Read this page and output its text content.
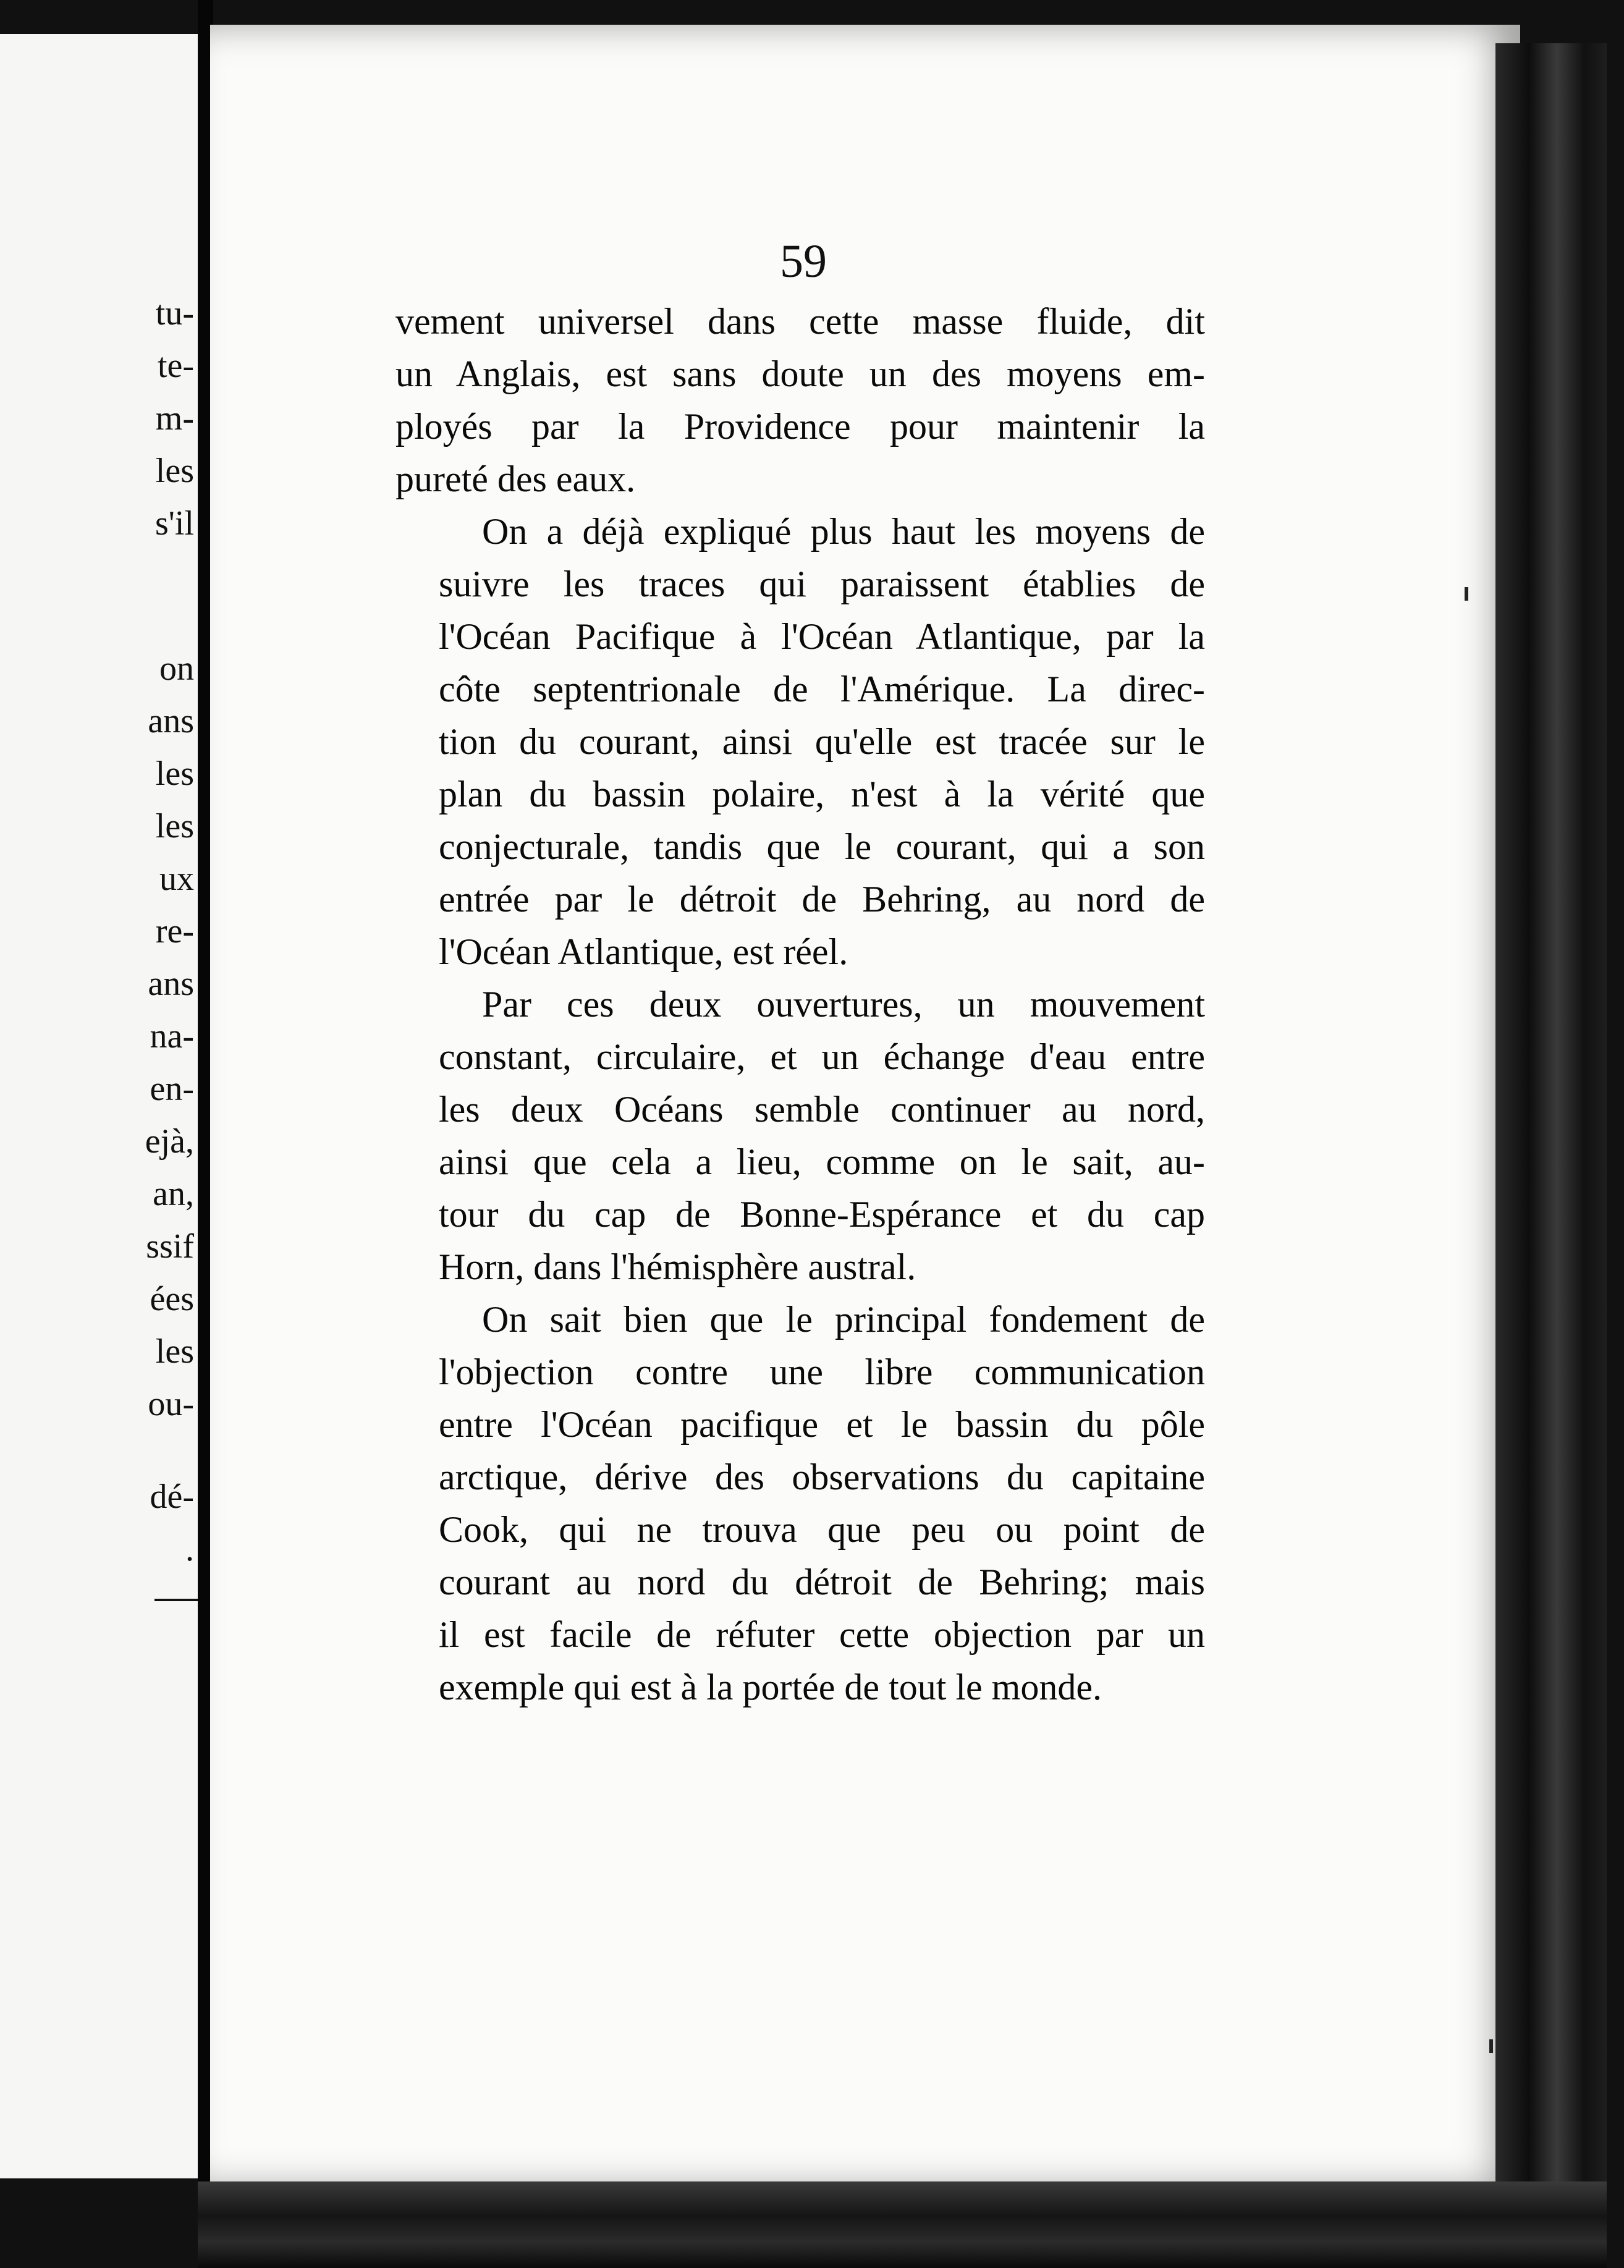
tu-
te-
m-
les
s'il
on
ans
les
les
ux
re-
ans
na-
en-
ejà,
an,
ssif
ées
les
ou-
dé-
.

59

vement universel dans cette masse fluide, dit
un Anglais, est sans doute un des moyens em-
ployés par la Providence pour maintenir la
pureté des eaux.

On a déjà expliqué plus haut les moyens de
suivre les traces qui paraissent établies de
l'Océan Pacifique à l'Océan Atlantique, par la
côte septentrionale de l'Amérique. La direc-
tion du courant, ainsi qu'elle est tracée sur le
plan du bassin polaire, n'est à la vérité que
conjecturale, tandis que le courant, qui a son
entrée par le détroit de Behring, au nord de
l'Océan Atlantique, est réel.

Par ces deux ouvertures, un mouvement
constant, circulaire, et un échange d'eau entre
les deux Océans semble continuer au nord,
ainsi que cela a lieu, comme on le sait, au-
tour du cap de Bonne-Espérance et du cap
Horn, dans l'hémisphère austral.

On sait bien que le principal fondement de
l'objection contre une libre communication
entre l'Océan pacifique et le bassin du pôle
arctique, dérive des observations du capitaine
Cook, qui ne trouva que peu ou point de
courant au nord du détroit de Behring; mais
il est facile de réfuter cette objection par un
exemple qui est à la portée de tout le monde.
